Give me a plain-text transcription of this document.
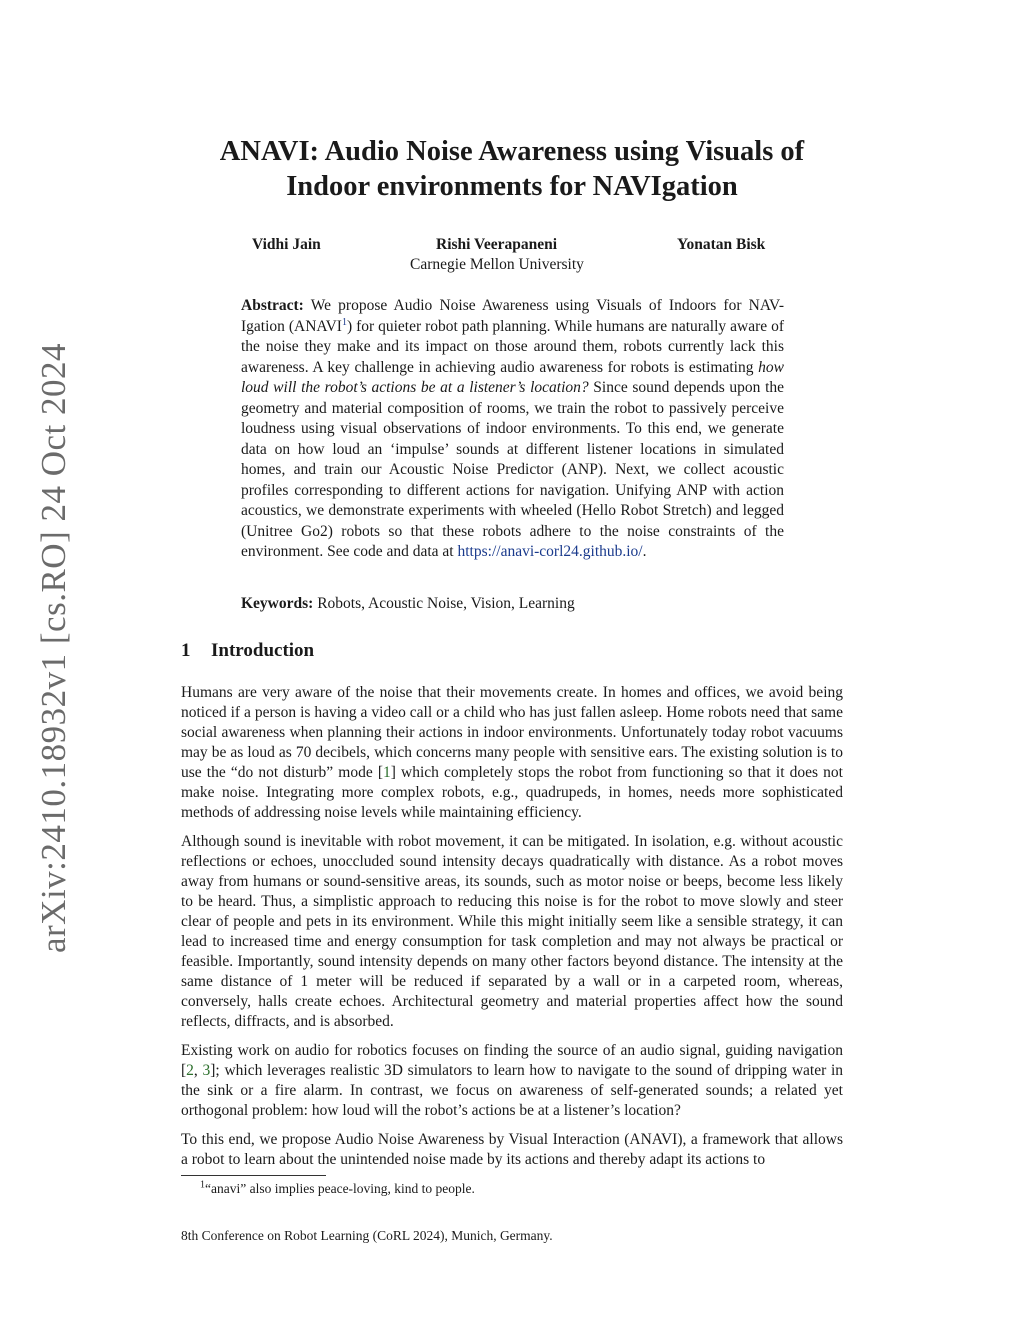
arXiv:2410.18932v1 [cs.RO] 24 Oct 2024
ANAVI: Audio Noise Awareness using Visuals of
Indoor environments for NAVIgation
Vidhi Jain	Rishi Veerapaneni	Yonatan Bisk
Carnegie Mellon University

Abstract: We propose Audio Noise Awareness using Visuals of Indoors for NAV-Igation (ANAVI$^1$) for quieter robot path planning. While humans are naturally aware of the noise they make and its impact on those around them, robots currently lack this awareness. A key challenge in achieving audio awareness for robots is estimating how loud will the robot’s actions be at a listener’s location? Since sound depends upon the geometry and material composition of rooms, we train the robot to passively perceive loudness using visual observations of indoor environments. To this end, we generate data on how loud an ‘impulse’ sounds at different listener locations in simulated homes, and train our Acoustic Noise Predictor (ANP). Next, we collect acoustic profiles corresponding to different actions for navigation. Unifying ANP with action acoustics, we demonstrate experiments with wheeled (Hello Robot Stretch) and legged (Unitree Go2) robots so that these robots adhere to the noise constraints of the environment. See code and data at https://anavi-corl24.github.io/.

Keywords: Robots, Acoustic Noise, Vision, Learning

1 Introduction

Humans are very aware of the noise that their movements create. In homes and offices, we avoid being noticed if a person is having a video call or a child who has just fallen asleep. Home robots need that same social awareness when planning their actions in indoor environments. Unfortunately today robot vacuums may be as loud as 70 decibels, which concerns many people with sensitive ears. The existing solution is to use the “do not disturb” mode [1] which completely stops the robot from functioning so that it does not make noise. Integrating more complex robots, e.g., quadrupeds, in homes, needs more sophisticated methods of addressing noise levels while maintaining efficiency.

Although sound is inevitable with robot movement, it can be mitigated. In isolation, e.g. without acoustic reflections or echoes, unoccluded sound intensity decays quadratically with distance. As a robot moves away from humans or sound-sensitive areas, its sounds, such as motor noise or beeps, become less likely to be heard. Thus, a simplistic approach to reducing this noise is for the robot to move slowly and steer clear of people and pets in its environment. While this might initially seem like a sensible strategy, it can lead to increased time and energy consumption for task completion and may not always be practical or feasible. Importantly, sound intensity depends on many other factors beyond distance. The intensity at the same distance of 1 meter will be reduced if separated by a wall or in a carpeted room, whereas, conversely, halls create echoes. Architectural geometry and material properties affect how the sound reflects, diffracts, and is absorbed.

Existing work on audio for robotics focuses on finding the source of an audio signal, guiding navigation [2, 3]; which leverages realistic 3D simulators to learn how to navigate to the sound of dripping water in the sink or a fire alarm. In contrast, we focus on awareness of self-generated sounds; a related yet orthogonal problem: how loud will the robot’s actions be at a listener’s location?

To this end, we propose Audio Noise Awareness by Visual Interaction (ANAVI), a framework that allows a robot to learn about the unintended noise made by its actions and thereby adapt its actions to

$^1$“anavi” also implies peace-loving, kind to people.

8th Conference on Robot Learning (CoRL 2024), Munich, Germany.
